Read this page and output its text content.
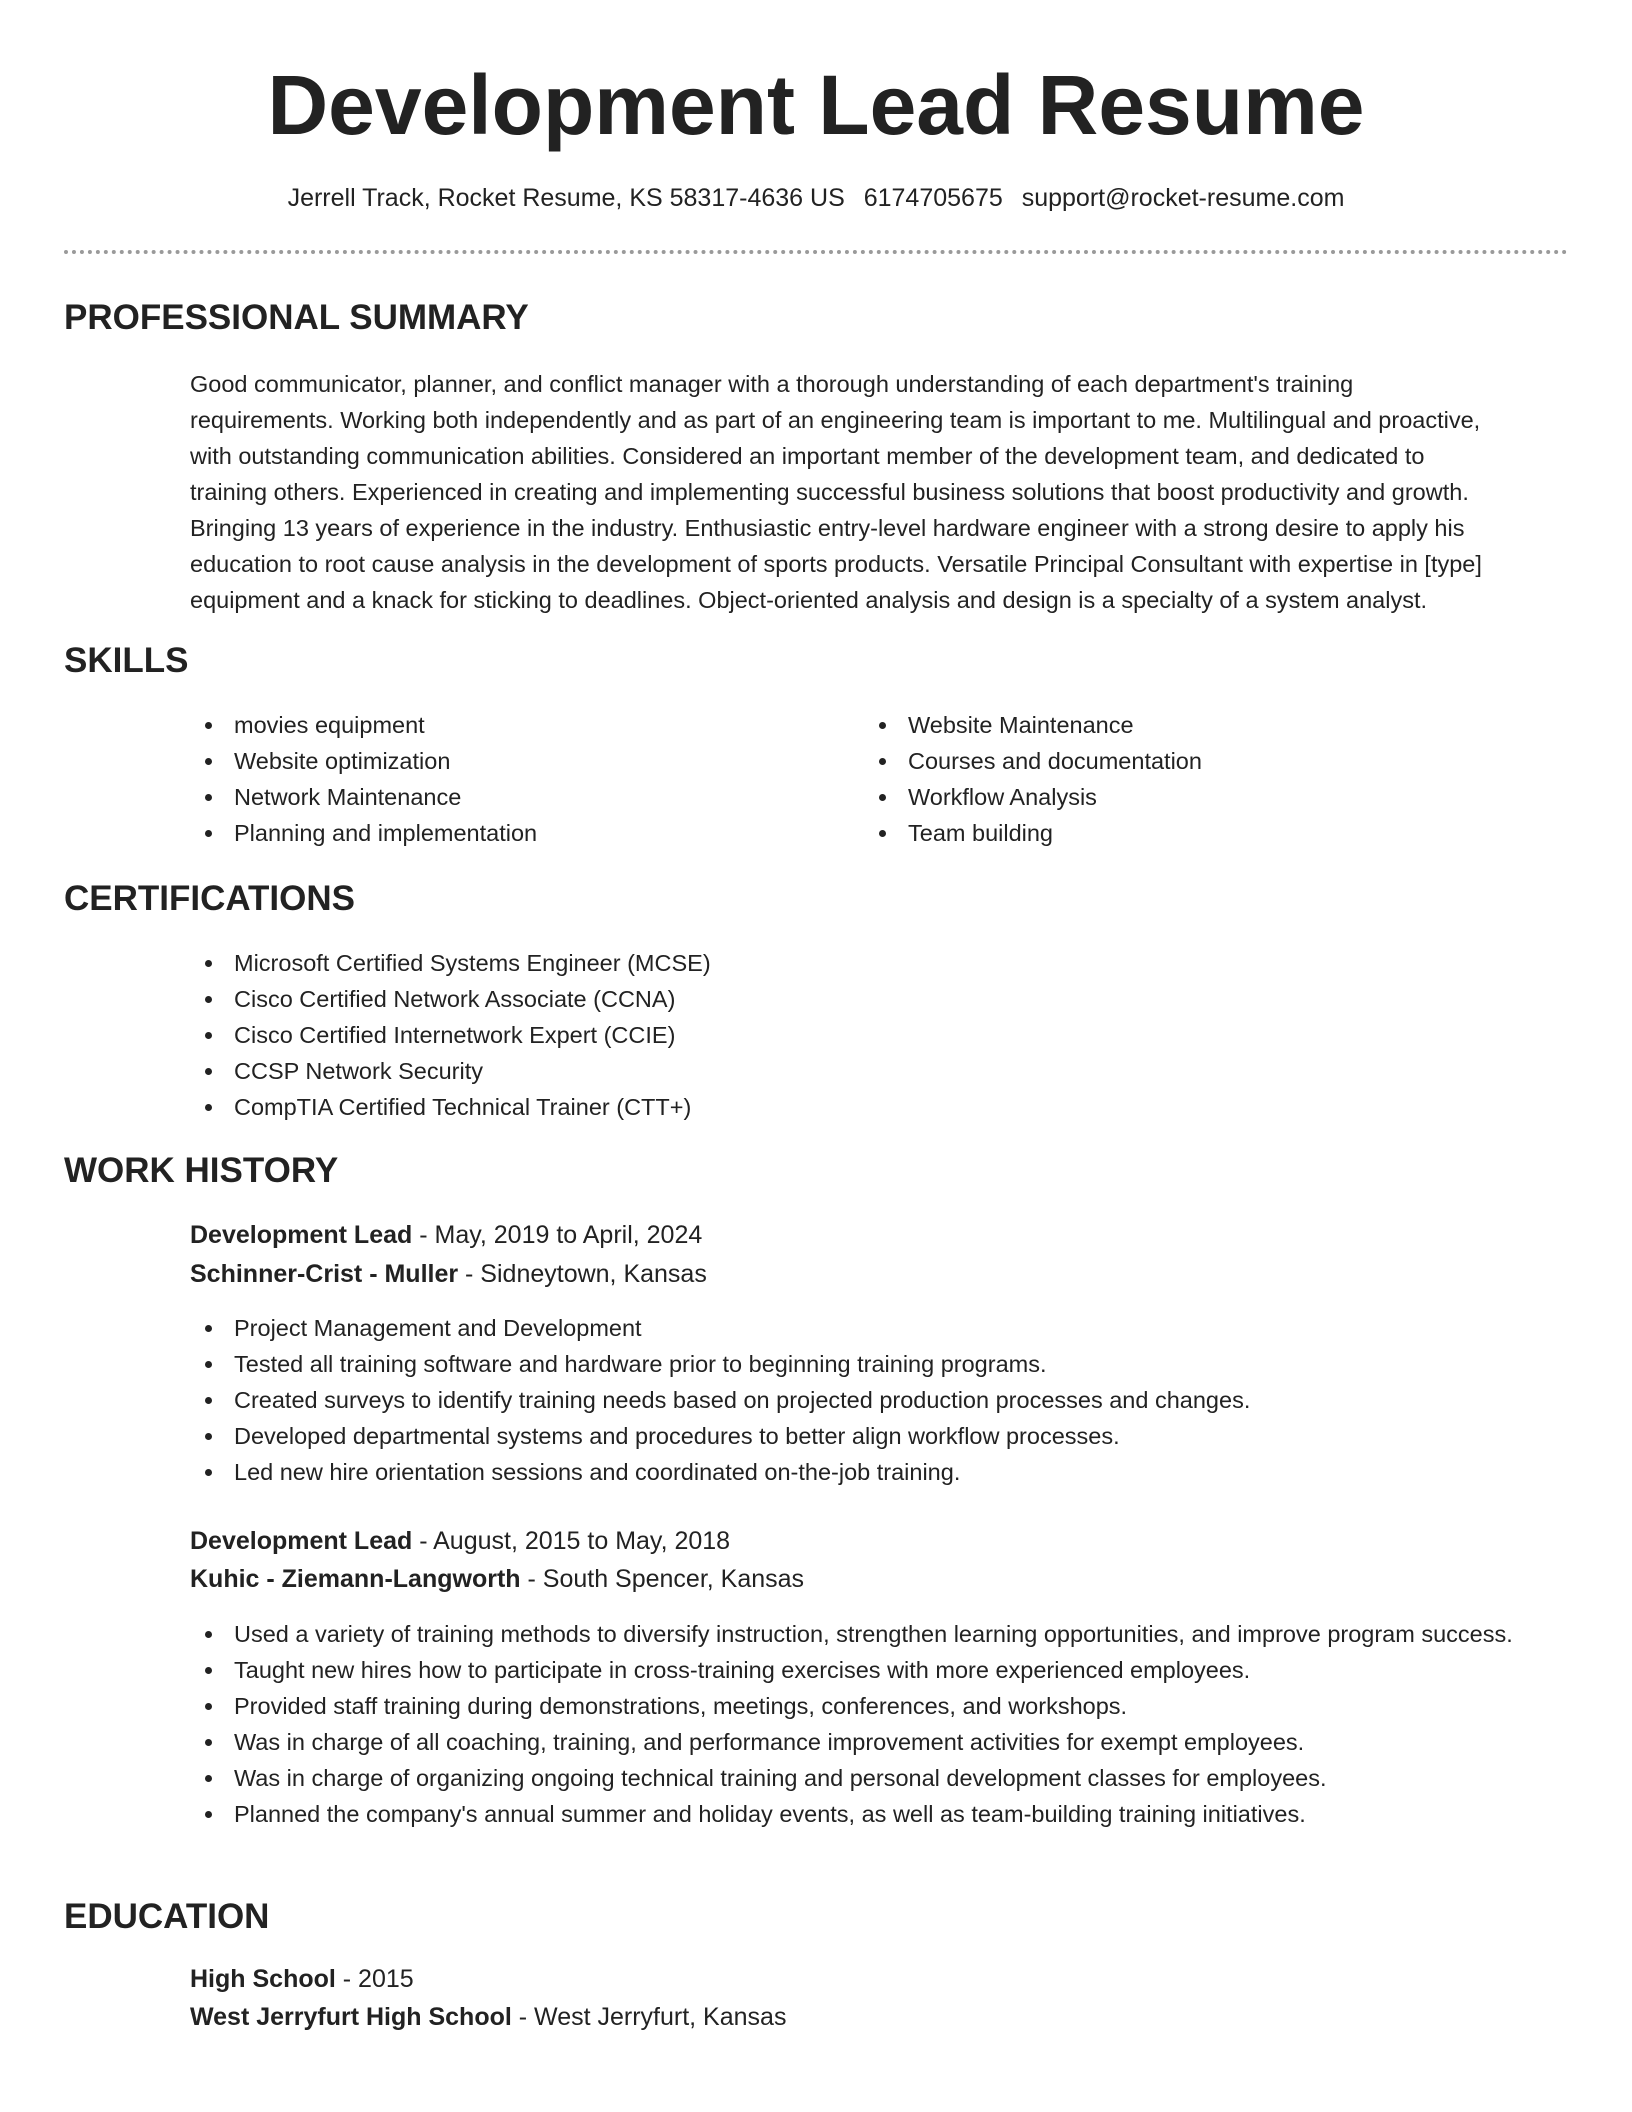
Development Lead Resume
Jerrell Track, Rocket Resume, KS 58317-4636 US 6174705675 support@rocket-resume.com
PROFESSIONAL SUMMARY
Good communicator, planner, and conflict manager with a thorough understanding of each department's training
requirements. Working both independently and as part of an engineering team is important to me. Multilingual and proactive,
with outstanding communication abilities. Considered an important member of the development team, and dedicated to
training others. Experienced in creating and implementing successful business solutions that boost productivity and growth.
Bringing 13 years of experience in the industry. Enthusiastic entry-level hardware engineer with a strong desire to apply his
education to root cause analysis in the development of sports products. Versatile Principal Consultant with expertise in [type]
equipment and a knack for sticking to deadlines. Object-oriented analysis and design is a specialty of a system analyst.
SKILLS
movies equipment
Website optimization
Network Maintenance
Planning and implementation
Website Maintenance
Courses and documentation
Workflow Analysis
Team building
CERTIFICATIONS
Microsoft Certified Systems Engineer (MCSE)
Cisco Certified Network Associate (CCNA)
Cisco Certified Internetwork Expert (CCIE)
CCSP Network Security
CompTIA Certified Technical Trainer (CTT+)
WORK HISTORY
Development Lead - May, 2019 to April, 2024
Schinner-Crist - Muller - Sidneytown, Kansas
Project Management and Development
Tested all training software and hardware prior to beginning training programs.
Created surveys to identify training needs based on projected production processes and changes.
Developed departmental systems and procedures to better align workflow processes.
Led new hire orientation sessions and coordinated on-the-job training.
Development Lead - August, 2015 to May, 2018
Kuhic - Ziemann-Langworth - South Spencer, Kansas
Used a variety of training methods to diversify instruction, strengthen learning opportunities, and improve program success.
Taught new hires how to participate in cross-training exercises with more experienced employees.
Provided staff training during demonstrations, meetings, conferences, and workshops.
Was in charge of all coaching, training, and performance improvement activities for exempt employees.
Was in charge of organizing ongoing technical training and personal development classes for employees.
Planned the company's annual summer and holiday events, as well as team-building training initiatives.
EDUCATION
High School - 2015
West Jerryfurt High School - West Jerryfurt, Kansas
